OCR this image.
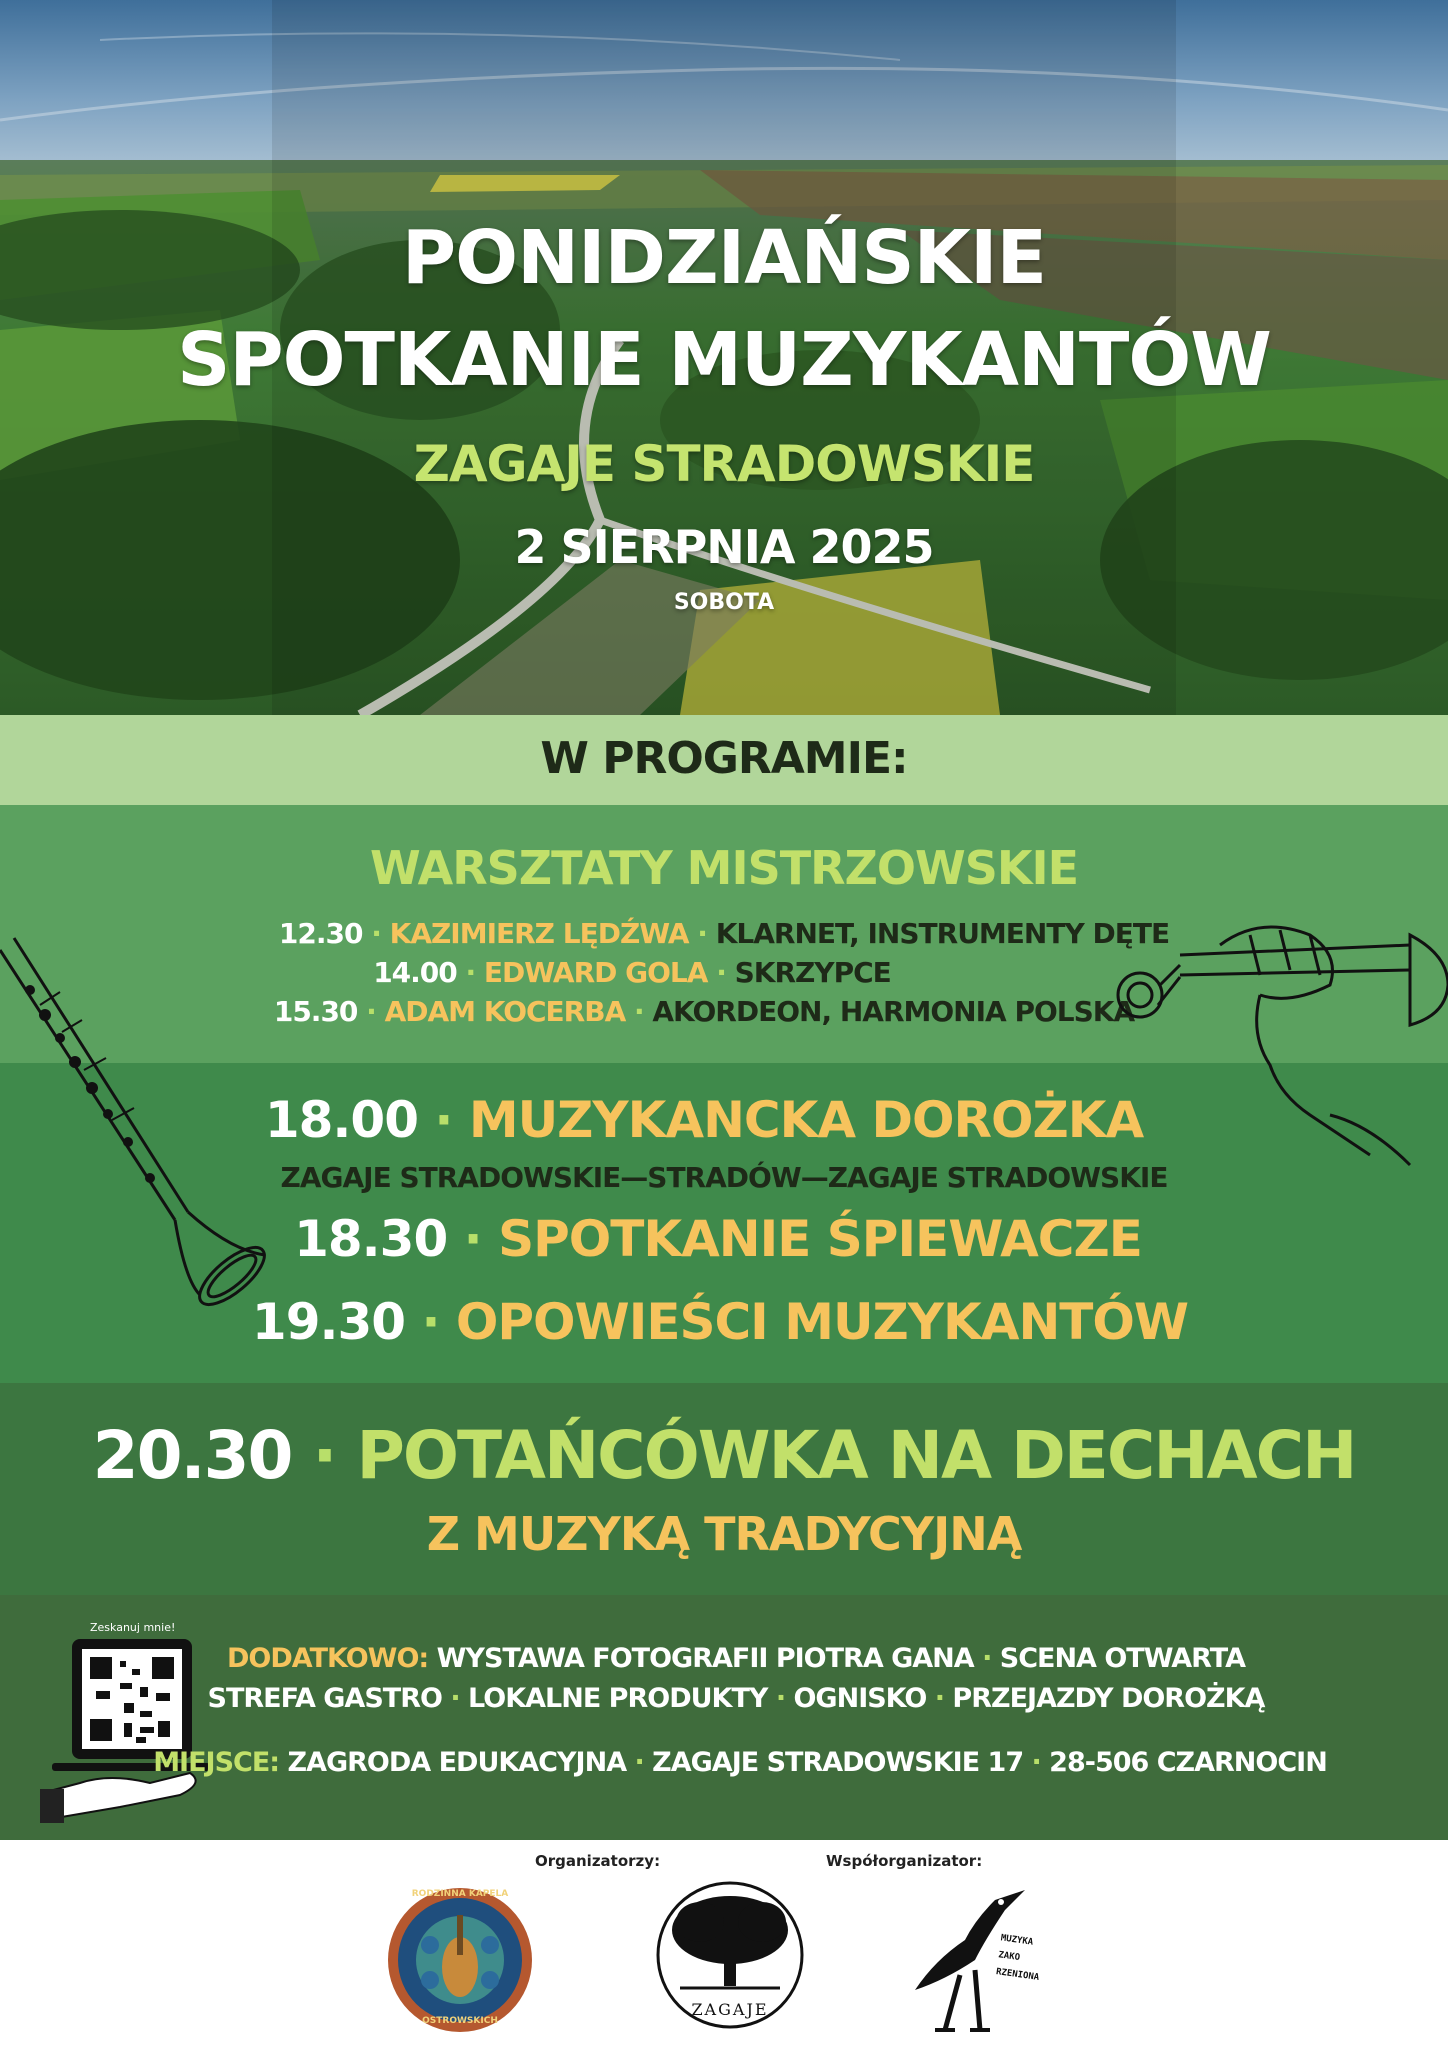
PONIDZIAŃSKIE
SPOTKANIE MUZYKANTÓW
ZAGAJE STRADOWSKIE
2 SIERPNIA 2025
SOBOTA
W PROGRAMIE:
WARSZTATY MISTRZOWSKIE
12.30 · KAZIMIERZ LĘDŹWA · KLARNET, INSTRUMENTY DĘTE
14.00 · EDWARD GOLA · SKRZYPCE
15.30 · ADAM KOCERBA · AKORDEON, HARMONIA POLSKA
18.00 · MUZYKANCKA DOROŻKA
ZAGAJE STRADOWSKIE—STRADÓW—ZAGAJE STRADOWSKIE
18.30 · SPOTKANIE ŚPIEWACZE
19.30 · OPOWIEŚCI MUZYKANTÓW
20.30 · POTAŃCÓWKA NA DECHACH
Z MUZYKĄ TRADYCYJNĄ
Zeskanuj mnie!
DODATKOWO: WYSTAWA FOTOGRAFII PIOTRA GANA · SCENA OTWARTA
STREFA GASTRO · LOKALNE PRODUKTY · OGNISKO · PRZEJAZDY DOROŻKĄ
MIEJSCE: ZAGRODA EDUKACYJNA · ZAGAJE STRADOWSKIE 17 · 28-506 CZARNOCIN
Organizatorzy:	Współorganizator:
RODZINNA KAPELA
OSTROWSKICH
ZAGAJE
MUZYKA
ZAKO
RZENIONA
